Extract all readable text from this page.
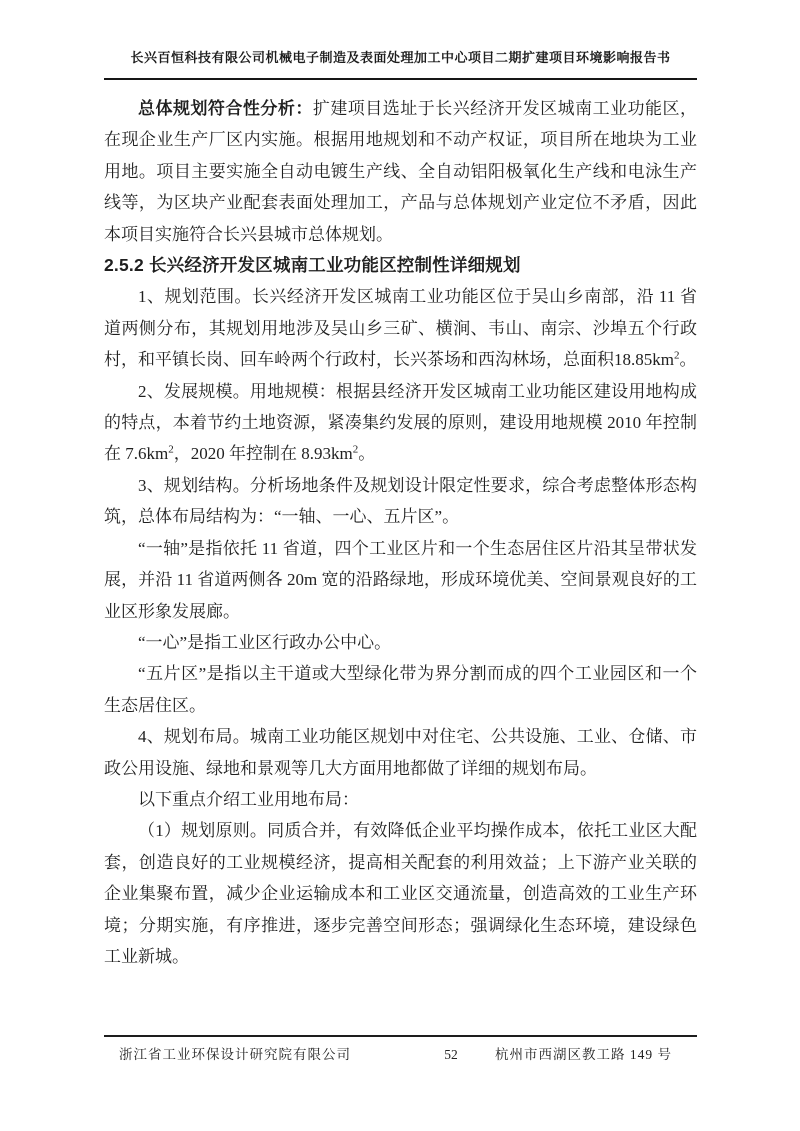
长兴百恒科技有限公司机械电子制造及表面处理加工中心项目二期扩建项目环境影响报告书

总体规划符合性分析：扩建项目选址于长兴经济开发区城南工业功能区，在现企业生产厂区内实施。根据用地规划和不动产权证，项目所在地块为工业用地。项目主要实施全自动电镀生产线、全自动铝阳极氧化生产线和电泳生产线等，为区块产业配套表面处理加工，产品与总体规划产业定位不矛盾，因此本项目实施符合长兴县城市总体规划。

2.5.2 长兴经济开发区城南工业功能区控制性详细规划

1、规划范围。长兴经济开发区城南工业功能区位于吴山乡南部，沿 11 省道两侧分布，其规划用地涉及吴山乡三矿、横涧、韦山、南宗、沙埠五个行政村，和平镇长岗、回车岭两个行政村，长兴茶场和西沟林场，总面积$18.85km^2$。

2、发展规模。用地规模：根据县经济开发区城南工业功能区建设用地构成的特点，本着节约土地资源，紧凑集约发展的原则，建设用地规模 2010 年控制在 $7.6km^2$，2020 年控制在 $8.93km^2$。

3、规划结构。分析场地条件及规划设计限定性要求，综合考虑整体形态构筑，总体布局结构为：“一轴、一心、五片区”。

“一轴”是指依托 11 省道，四个工业区片和一个生态居住区片沿其呈带状发展，并沿 11 省道两侧各 20m 宽的沿路绿地，形成环境优美、空间景观良好的工业区形象发展廊。

“一心”是指工业区行政办公中心。

“五片区”是指以主干道或大型绿化带为界分割而成的四个工业园区和一个生态居住区。

4、规划布局。城南工业功能区规划中对住宅、公共设施、工业、仓储、市政公用设施、绿地和景观等几大方面用地都做了详细的规划布局。

以下重点介绍工业用地布局：

（1）规划原则。同质合并，有效降低企业平均操作成本，依托工业区大配套，创造良好的工业规模经济，提高相关配套的利用效益；上下游产业关联的企业集聚布置，减少企业运输成本和工业区交通流量，创造高效的工业生产环境；分期实施，有序推进，逐步完善空间形态；强调绿化生态环境，建设绿色工业新城。

浙江省工业环保设计研究院有限公司	52	杭州市西湖区教工路 149 号
